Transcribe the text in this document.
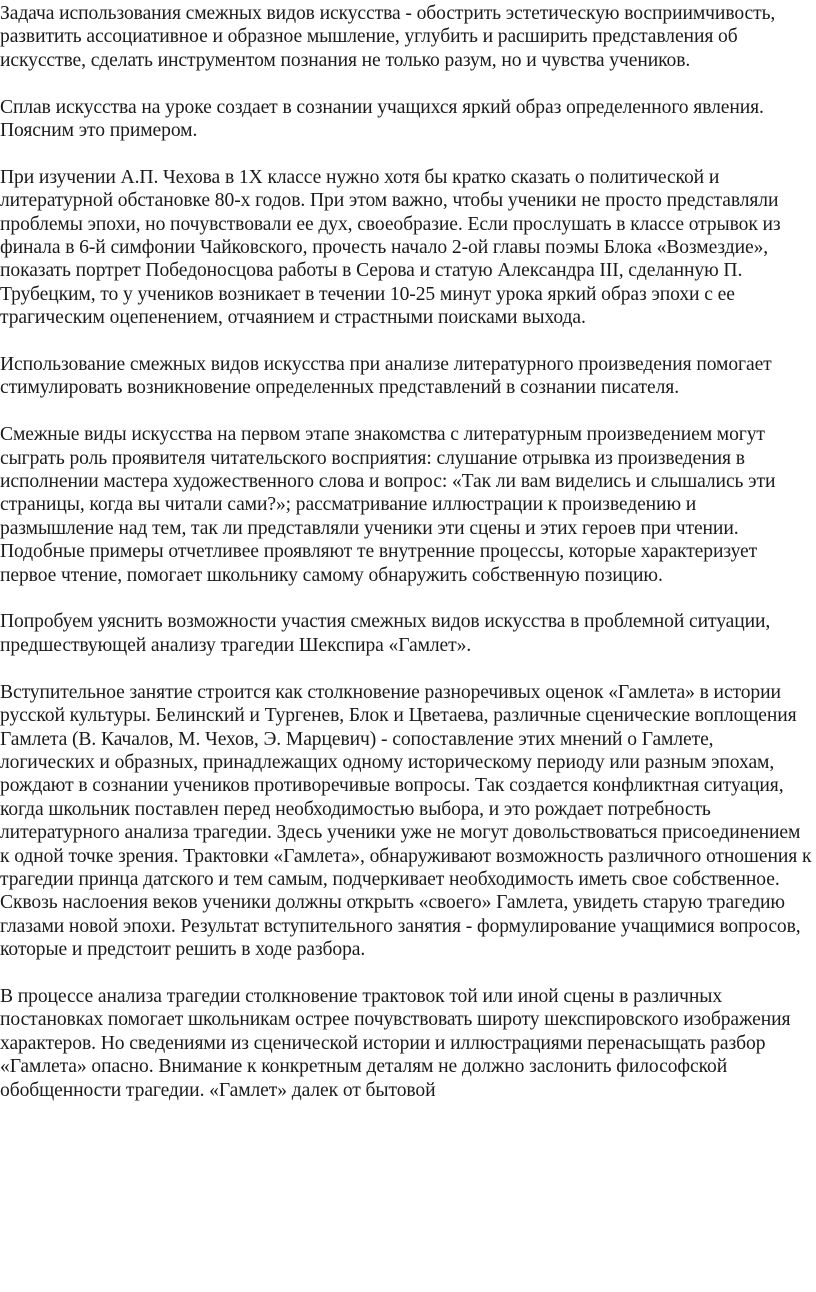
Задача использования смежных видов искусства - обострить эстетическую восприимчивость, развитить ассоциативное и образное мышление, углубить и расширить представления об искусстве, сделать инструментом познания не только разум, но и чувства учеников.

Сплав искусства на уроке создает в сознании учащихся яркий образ определенного явления. Поясним это примером.

При изучении А.П. Чехова в 1Х классе нужно хотя бы кратко сказать о политической и литературной обстановке 80-х годов. При этом важно, чтобы ученики не просто представляли проблемы эпохи, но почувствовали ее дух, своеобразие. Если прослушать в классе отрывок из финала в 6-й симфонии Чайковского, прочесть начало 2-ой главы поэмы Блока «Возмездие», показать портрет Победоносцова работы в Серова и статую Александра III, сделанную П. Трубецким, то у учеников возникает в течении 10-25 минут урока яркий образ эпохи с ее трагическим оцепенением, отчаянием и страстными поисками выхода.

Использование смежных видов искусства при анализе литературного произведения помогает стимулировать возникновение определенных представлений в сознании писателя.

Смежные виды искусства на первом этапе знакомства с литературным произведением могут сыграть роль проявителя читательского восприятия: слушание отрывка из произведения в исполнении мастера художественного слова и вопрос: «Так ли вам виделись и слышались эти страницы, когда вы читали сами?»; рассматривание иллюстрации к произведению и размышление над тем, так ли представляли ученики эти сцены и этих героев при чтении. Подобные примеры отчетливее проявляют те внутренние процессы, которые характеризует первое чтение, помогает школьнику самому обнаружить собственную позицию.

Попробуем уяснить возможности участия смежных видов искусства в проблемной ситуации, предшествующей анализу трагедии Шекспира «Гамлет».

Вступительное занятие строится как столкновение разноречивых оценок «Гамлета» в истории русской культуры. Белинский и Тургенев, Блок и Цветаева, различные сценические воплощения Гамлета (В. Качалов, М. Чехов, Э. Марцевич) - сопоставление этих мнений о Гамлете, логических и образных, принадлежащих одному историческому периоду или разным эпохам, рождают в сознании учеников противоречивые вопросы. Так создается конфликтная ситуация, когда школьник поставлен перед необходимостью выбора, и это рождает потребность литературного анализа трагедии. Здесь ученики уже не могут довольствоваться присоединением к одной точке зрения. Трактовки «Гамлета», обнаруживают возможность различного отношения к трагедии принца датского и тем самым, подчеркивает необходимость иметь свое собственное. Сквозь наслоения веков ученики должны открыть «своего» Гамлета, увидеть старую трагедию глазами новой эпохи. Результат вступительного занятия - формулирование учащимися вопросов, которые и предстоит решить в ходе разбора.

В процессе анализа трагедии столкновение трактовок той или иной сцены в различных постановках помогает школьникам острее почувствовать широту шекспировского изображения характеров. Но сведениями из сценической истории и иллюстрациями перенасыщать разбор «Гамлета» опасно. Внимание к конкретным деталям не должно заслонить философской обобщенности трагедии. «Гамлет» далек от бытовой
